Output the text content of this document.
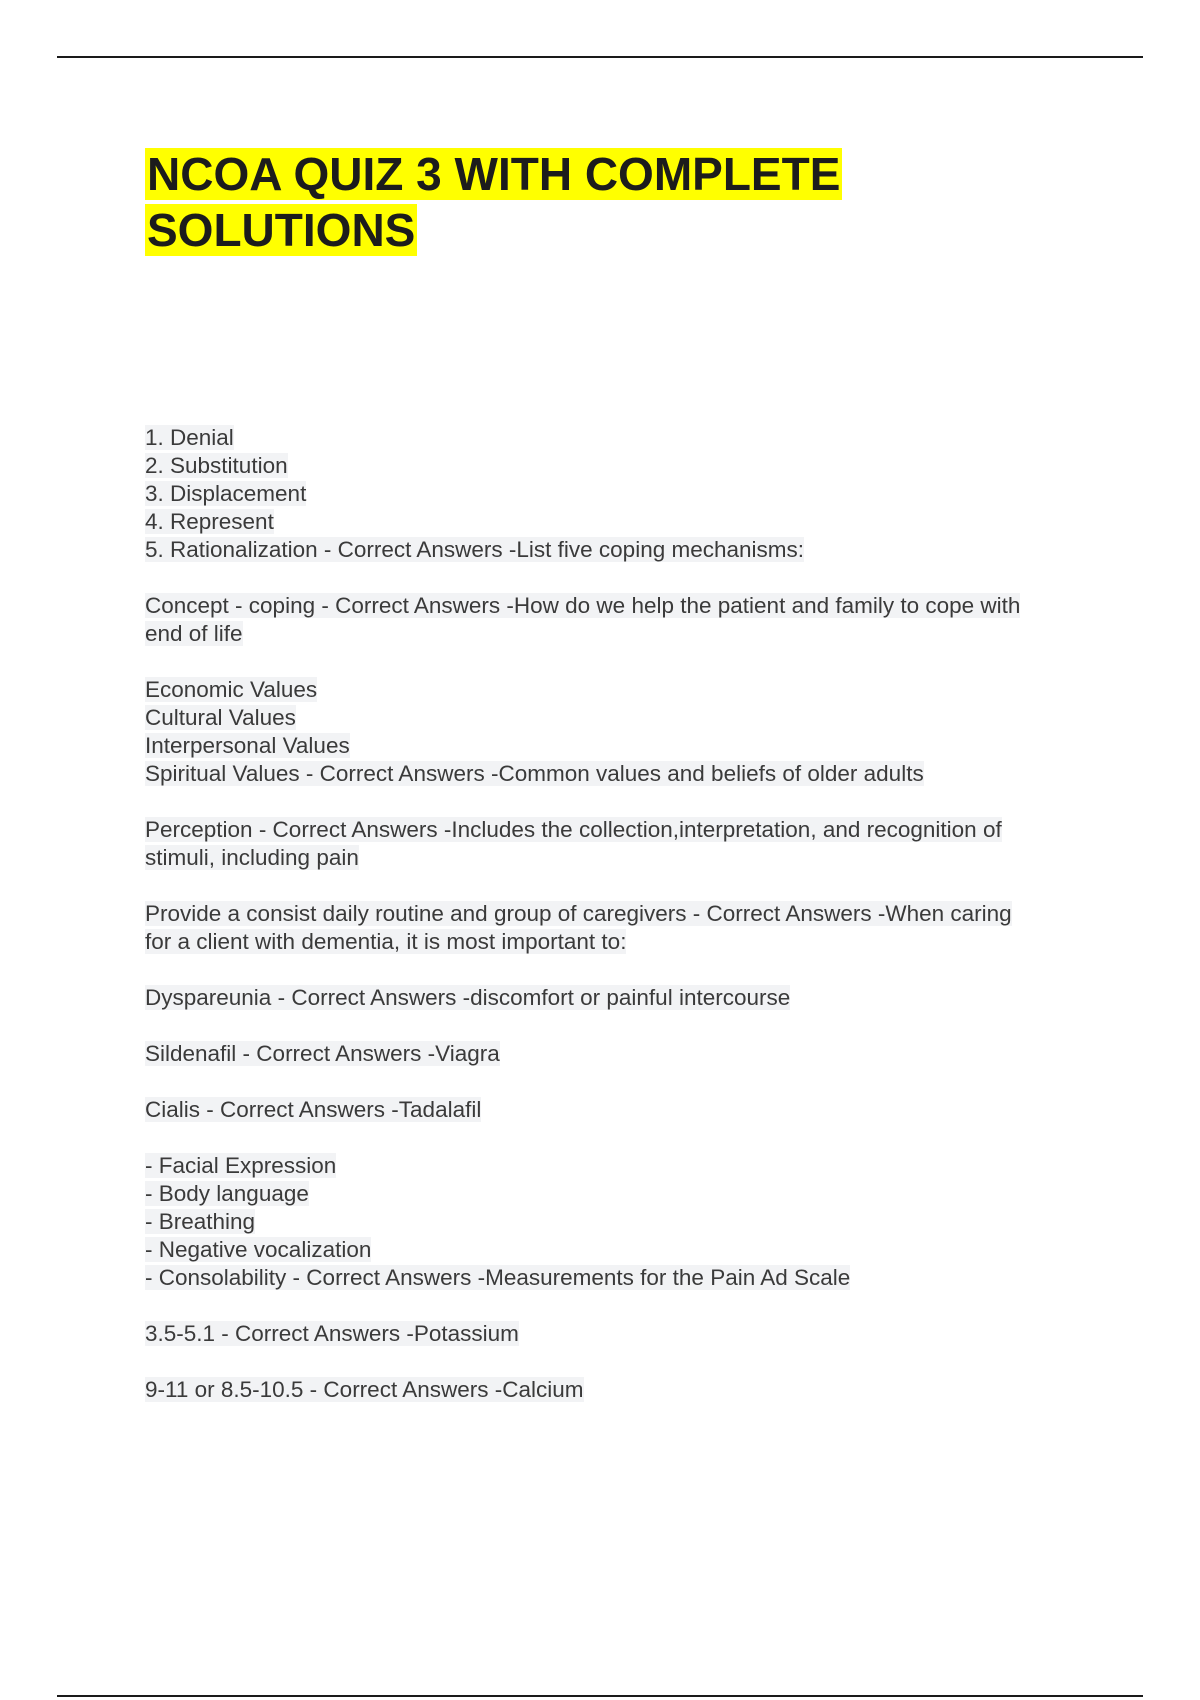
NCOA QUIZ 3 WITH COMPLETE SOLUTIONS
1. Denial
2. Substitution
3. Displacement
4. Represent
5. Rationalization - Correct Answers -List five coping mechanisms:
Concept - coping - Correct Answers -How do we help the patient and family to cope with
end of life
Economic Values
Cultural Values
Interpersonal Values
Spiritual Values - Correct Answers -Common values and beliefs of older adults
Perception - Correct Answers -Includes the collection,interpretation, and recognition of
stimuli, including pain
Provide a consist daily routine and group of caregivers - Correct Answers -When caring
for a client with dementia, it is most important to:
Dyspareunia - Correct Answers -discomfort or painful intercourse
Sildenafil - Correct Answers -Viagra
Cialis - Correct Answers -Tadalafil
- Facial Expression
- Body language
- Breathing
- Negative vocalization
- Consolability - Correct Answers -Measurements for the Pain Ad Scale
3.5-5.1 - Correct Answers -Potassium
9-11 or 8.5-10.5 - Correct Answers -Calcium
